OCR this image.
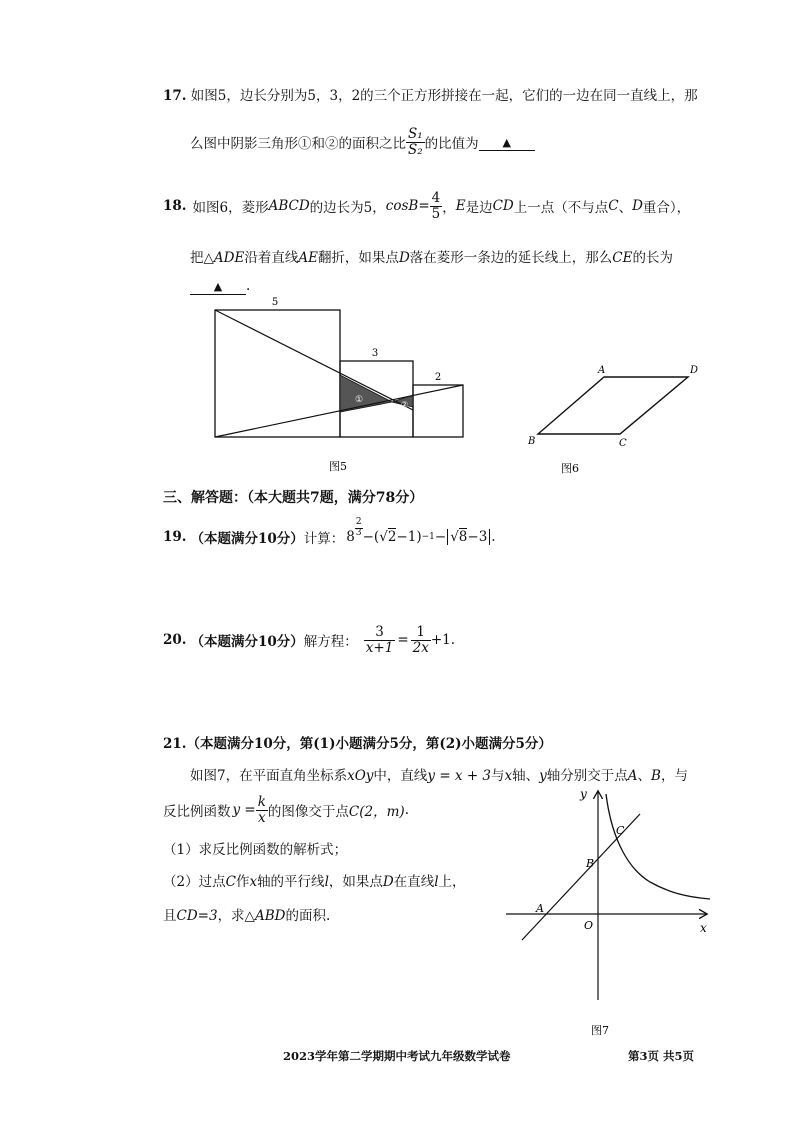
17. 如图5，边长分别为5，3，2的三个正方形拼接在一起，它们的一边在同一直线上，那
么图中阴影三角形①和②的面积之比 $\frac{\text{S₁}}{\text{S₂}}$ 的比值为	▲
18. 如图6，菱形 ABCD 的边长为5， $\cos B = \frac{4}{5}$ ， E 是边 CD 上一点（不与点 C 、 D 重合），
把△ADE沿着直线AE翻折，如果点D落在菱形一条边的延长线上，那么CE的长为
▲ .
5
3
2
①	②
图5
A	D
B	C
图6
三、解答题：（本大题共7题，满分78分）
19. （本题满分10分） 计算： $8 \frac{2}{3}$ −( √2 −1) −1 − √8−3 .
20. （本题满分10分） 解方程： $\frac{3}{x+1} = \frac{1}{2x} +1$ .
21.（本题满分10分，第(1)小题满分5分，第(2)小题满分5分）
如图7，在平面直角坐标系xOy中，直线y = x + 3与x轴、y轴分别交于点A、B，与
反比例函数 $y = \frac{k}{x}$ 的图像交于点 C(2，m) .
（1）求反比例函数的解析式；
（2）过点C作x轴的平行线l，如果点D在直线l上，
且CD=3，求△ABD的面积.
y
x
O
A
B
C
图7
2023学年第二学期期中考试九年级数学试卷	第3页 共5页
